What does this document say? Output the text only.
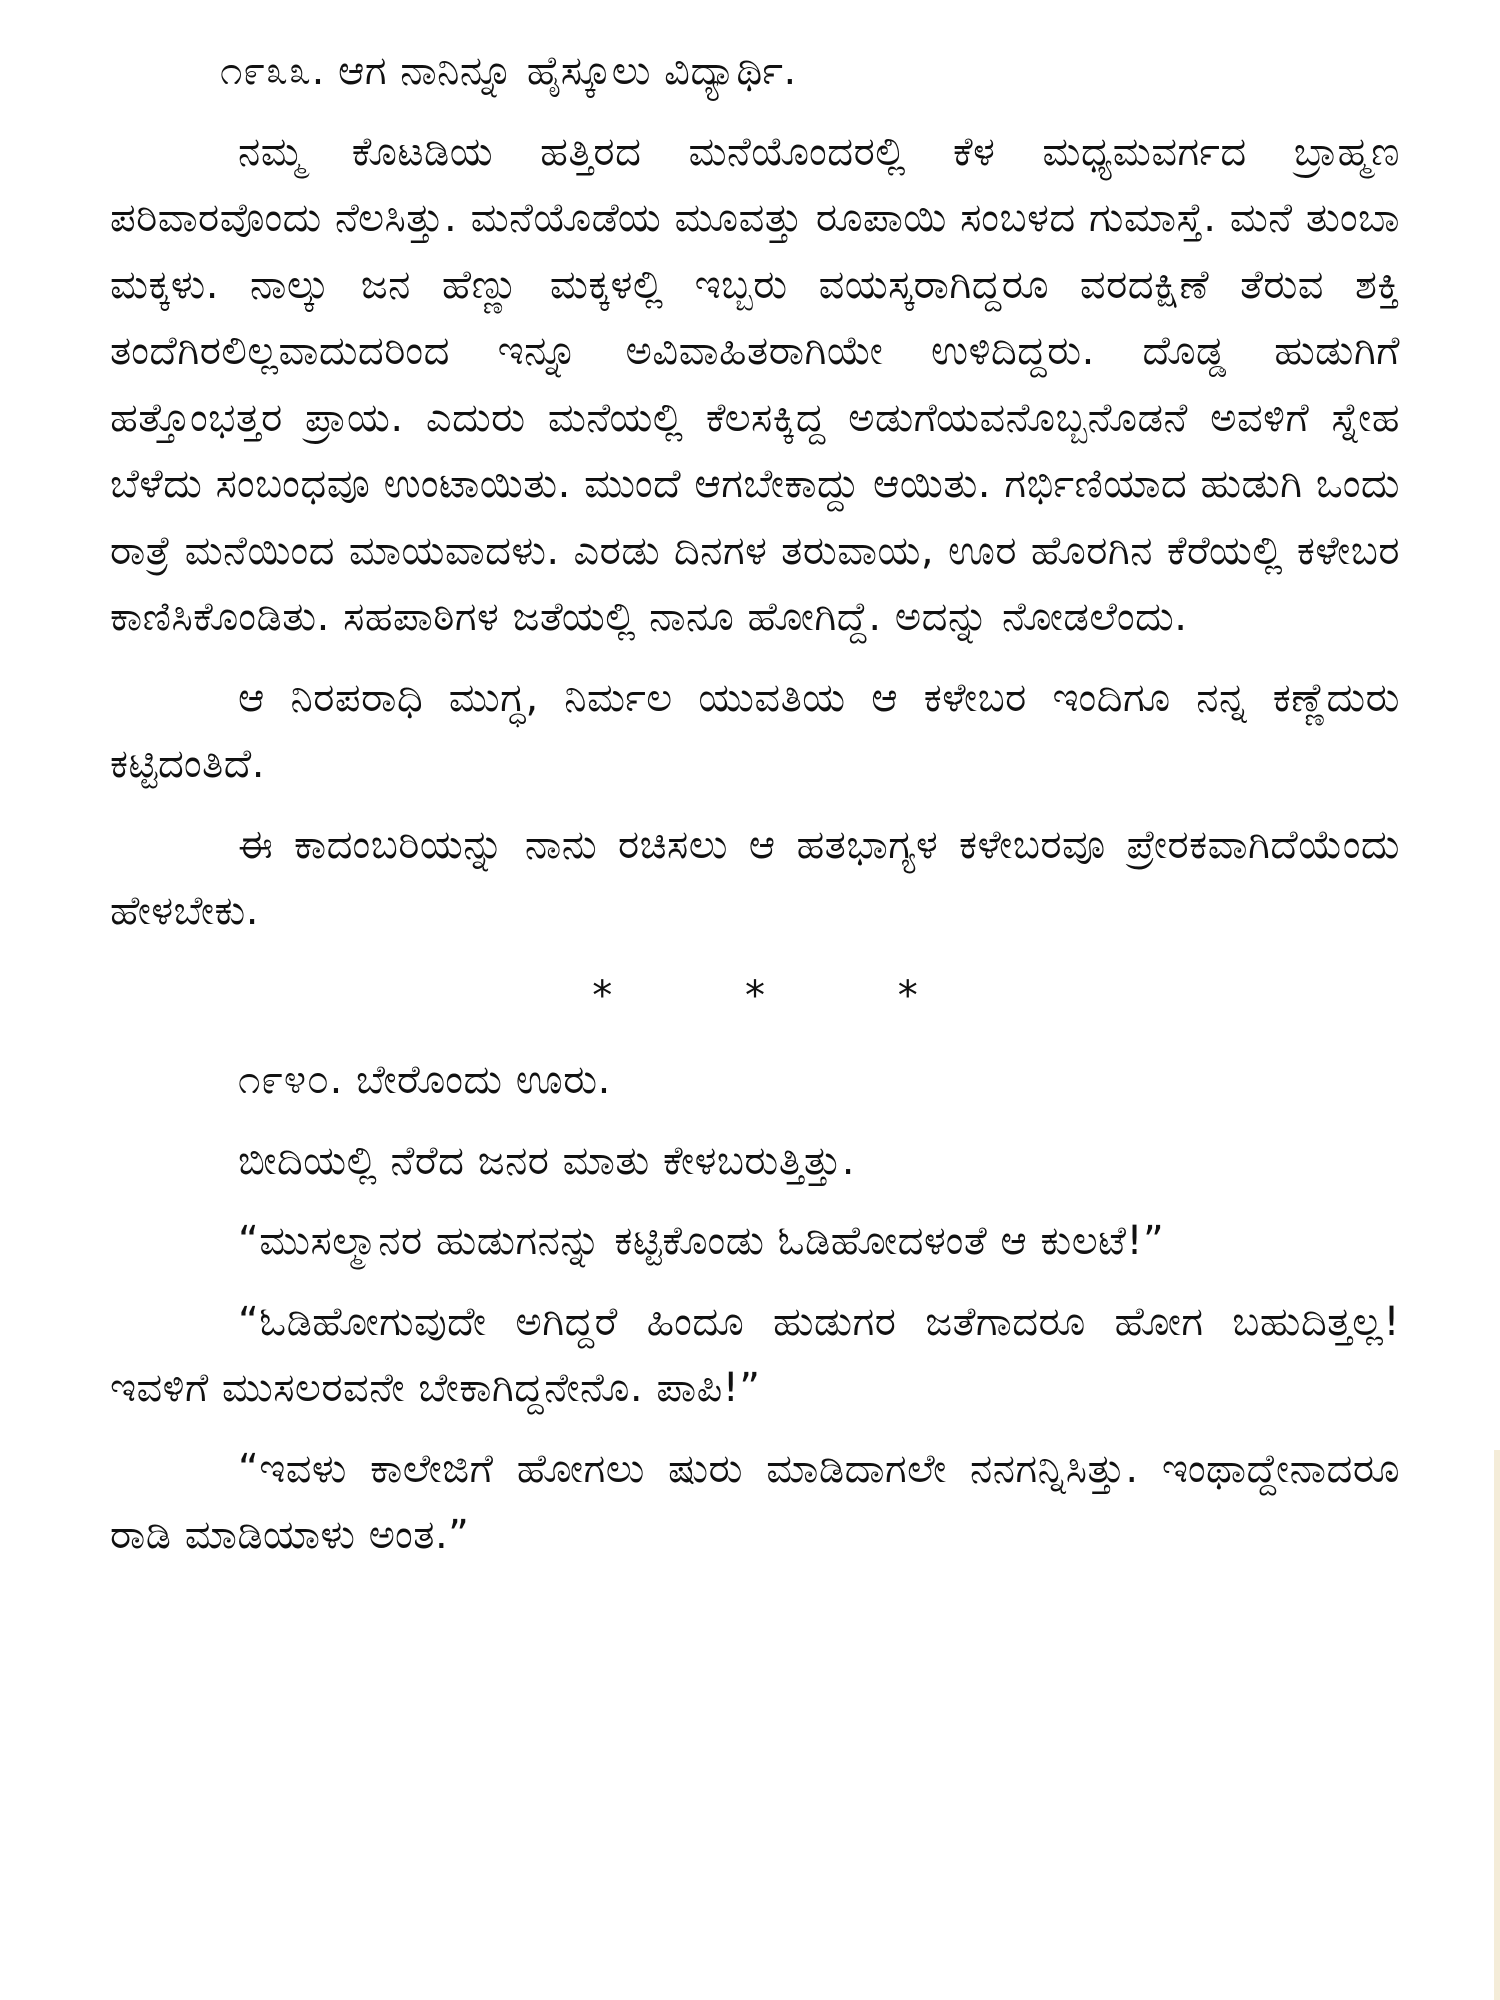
೧೯೩೩. ಆಗ ನಾನಿನ್ನೂ ಹೈಸ್ಕೂಲು ವಿದ್ಯಾರ್ಥಿ.

ನಮ್ಮ ಕೊಟಡಿಯ ಹತ್ತಿರದ ಮನೆಯೊಂದರಲ್ಲಿ ಕೆಳ ಮಧ್ಯಮವರ್ಗದ ಬ್ರಾಹ್ಮಣ ಪರಿವಾರವೊಂದು ನೆಲಸಿತ್ತು. ಮನೆಯೊಡೆಯ ಮೂವತ್ತು ರೂಪಾಯಿ ಸಂಬಳದ ಗುಮಾಸ್ತೆ. ಮನೆ ತುಂಬಾ ಮಕ್ಕಳು. ನಾಲ್ಕು ಜನ ಹೆಣ್ಣು ಮಕ್ಕಳಲ್ಲಿ ಇಬ್ಬರು ವಯಸ್ಕರಾಗಿದ್ದರೂ ವರದಕ್ಷಿಣೆ ತೆರುವ ಶಕ್ತಿ ತಂದೆಗಿರಲಿಲ್ಲವಾದುದರಿಂದ ಇನ್ನೂ ಅವಿವಾಹಿತರಾಗಿಯೇ ಉಳಿದಿದ್ದರು. ದೊಡ್ಡ ಹುಡುಗಿಗೆ ಹತ್ತೊಂಭತ್ತರ ಪ್ರಾಯ. ಎದುರು ಮನೆಯಲ್ಲಿ ಕೆಲಸಕ್ಕಿದ್ದ ಅಡುಗೆಯವನೊಬ್ಬನೊಡನೆ ಅವಳಿಗೆ ಸ್ನೇಹ ಬೆಳೆದು ಸಂಬಂಧವೂ ಉಂಟಾಯಿತು. ಮುಂದೆ ಆಗಬೇಕಾದ್ದು ಆಯಿತು. ಗರ್ಭಿಣಿಯಾದ ಹುಡುಗಿ ಒಂದು ರಾತ್ರೆ ಮನೆಯಿಂದ ಮಾಯವಾದಳು. ಎರಡು ದಿನಗಳ ತರುವಾಯ, ಊರ ಹೊರಗಿನ ಕೆರೆಯಲ್ಲಿ ಕಳೇಬರ ಕಾಣಿಸಿಕೊಂಡಿತು. ಸಹಪಾಠಿಗಳ ಜತೆಯಲ್ಲಿ ನಾನೂ ಹೋಗಿದ್ದೆ. ಅದನ್ನು ನೋಡಲೆಂದು.

ಆ ನಿರಪರಾಧಿ ಮುಗ್ಧ, ನಿರ್ಮಲ ಯುವತಿಯ ಆ ಕಳೇಬರ ಇಂದಿಗೂ ನನ್ನ ಕಣ್ಣೆದುರು ಕಟ್ಟಿದಂತಿದೆ.

ಈ ಕಾದಂಬರಿಯನ್ನು ನಾನು ರಚಿಸಲು ಆ ಹತಭಾಗ್ಯಳ ಕಳೇಬರವೂ ಪ್ರೇರಕವಾಗಿದೆಯೆಂದು ಹೇಳಬೇಕು.

* * *

೧೯೪೦. ಬೇರೊಂದು ಊರು.

ಬೀದಿಯಲ್ಲಿ ನೆರೆದ ಜನರ ಮಾತು ಕೇಳಬರುತ್ತಿತ್ತು.

“ಮುಸಲ್ಮಾನರ ಹುಡುಗನನ್ನು ಕಟ್ಟಿಕೊಂಡು ಓಡಿಹೋದಳಂತೆ ಆ ಕುಲಟೆ!”

“ಓಡಿಹೋಗುವುದೇ ಅಗಿದ್ದರೆ ಹಿಂದೂ ಹುಡುಗರ ಜತೆಗಾದರೂ ಹೋಗ ಬಹುದಿತ್ತಲ್ಲ! ಇವಳಿಗೆ ಮುಸಲರವನೇ ಬೇಕಾಗಿದ್ದನೇನೊ. ಪಾಪಿ!”

“ಇವಳು ಕಾಲೇಜಿಗೆ ಹೋಗಲು ಷುರು ಮಾಡಿದಾಗಲೇ ನನಗನ್ನಿಸಿತ್ತು. ಇಂಥಾದ್ದೇನಾದರೂ ರಾಡಿ ಮಾಡಿಯಾಳು ಅಂತ.”
